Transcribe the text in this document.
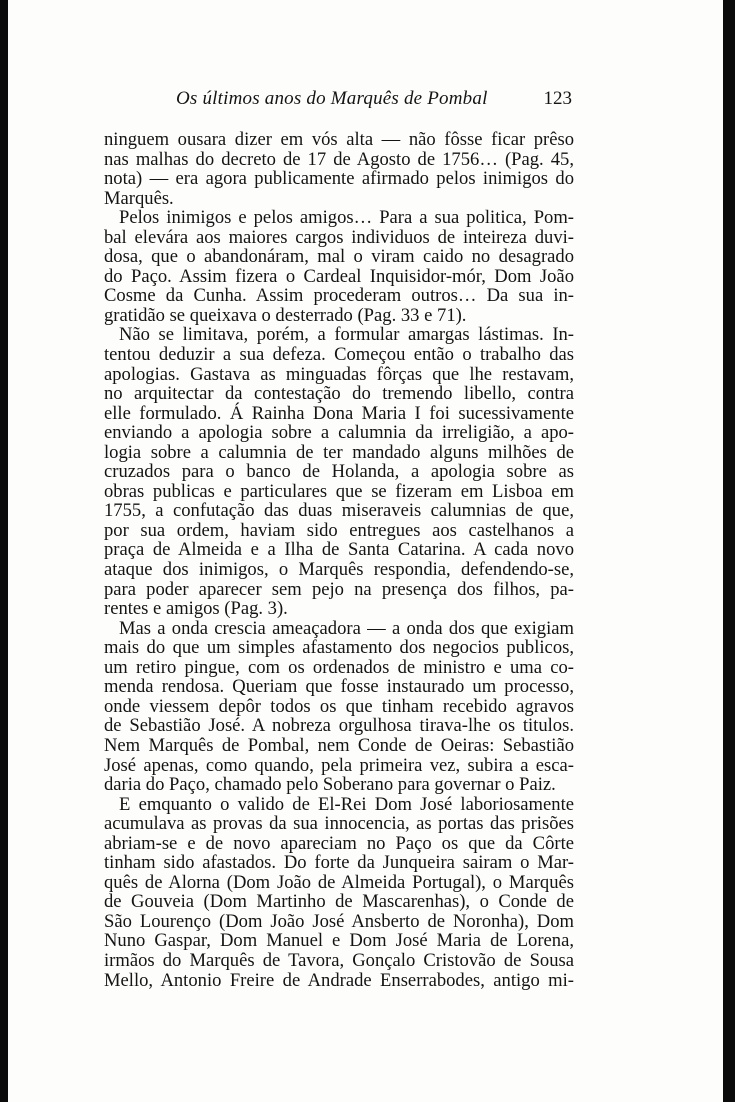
Os últimos anos do Marquês de Pombal	123
ninguem ousara dizer em vós alta — não fôsse ficar prêso
nas malhas do decreto de 17 de Agosto de 1756… (Pag. 45,
nota) — era agora publicamente afirmado pelos inimigos do
Marquês.
Pelos inimigos e pelos amigos… Para a sua politica, Pom-
bal elevára aos maiores cargos individuos de inteireza duvi-
dosa, que o abandonáram, mal o viram caido no desagrado
do Paço. Assim fizera o Cardeal Inquisidor-mór, Dom João
Cosme da Cunha. Assim procederam outros… Da sua in-
gratidão se queixava o desterrado (Pag. 33 e 71).
Não se limitava, porém, a formular amargas lástimas. In-
tentou deduzir a sua defeza. Começou então o trabalho das
apologias. Gastava as minguadas fôrças que lhe restavam,
no arquitectar da contestação do tremendo libello, contra
elle formulado. Á Rainha Dona Maria I foi sucessivamente
enviando a apologia sobre a calumnia da irreligião, a apo-
logia sobre a calumnia de ter mandado alguns milhões de
cruzados para o banco de Holanda, a apologia sobre as
obras publicas e particulares que se fizeram em Lisboa em
1755, a confutação das duas miseraveis calumnias de que,
por sua ordem, haviam sido entregues aos castelhanos a
praça de Almeida e a Ilha de Santa Catarina. A cada novo
ataque dos inimigos, o Marquês respondia, defendendo-se,
para poder aparecer sem pejo na presença dos filhos, pa-
rentes e amigos (Pag. 3).
Mas a onda crescia ameaçadora — a onda dos que exigiam
mais do que um simples afastamento dos negocios publicos,
um retiro pingue, com os ordenados de ministro e uma co-
menda rendosa. Queriam que fosse instaurado um processo,
onde viessem depôr todos os que tinham recebido agravos
de Sebastião José. A nobreza orgulhosa tirava-lhe os titulos.
Nem Marquês de Pombal, nem Conde de Oeiras: Sebastião
José apenas, como quando, pela primeira vez, subira a esca-
daria do Paço, chamado pelo Soberano para governar o Paiz.
E emquanto o valido de El-Rei Dom José laboriosamente
acumulava as provas da sua innocencia, as portas das prisões
abriam-se e de novo apareciam no Paço os que da Côrte
tinham sido afastados. Do forte da Junqueira sairam o Mar-
quês de Alorna (Dom João de Almeida Portugal), o Marquês
de Gouveia (Dom Martinho de Mascarenhas), o Conde de
São Lourenço (Dom João José Ansberto de Noronha), Dom
Nuno Gaspar, Dom Manuel e Dom José Maria de Lorena,
irmãos do Marquês de Tavora, Gonçalo Cristovão de Sousa
Mello, Antonio Freire de Andrade Enserrabodes, antigo mi-
